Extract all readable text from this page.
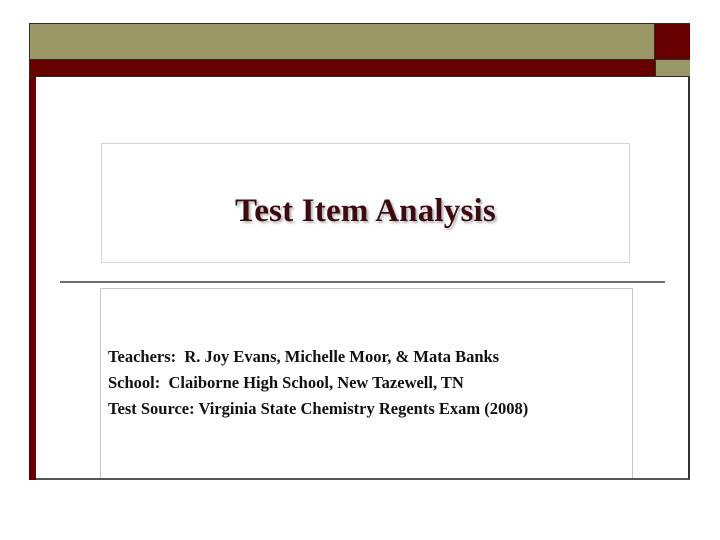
Test Item Analysis
Teachers:  R. Joy Evans, Michelle Moor, & Mata Banks
School:  Claiborne High School, New Tazewell, TN
Test Source: Virginia State Chemistry Regents Exam (2008)
